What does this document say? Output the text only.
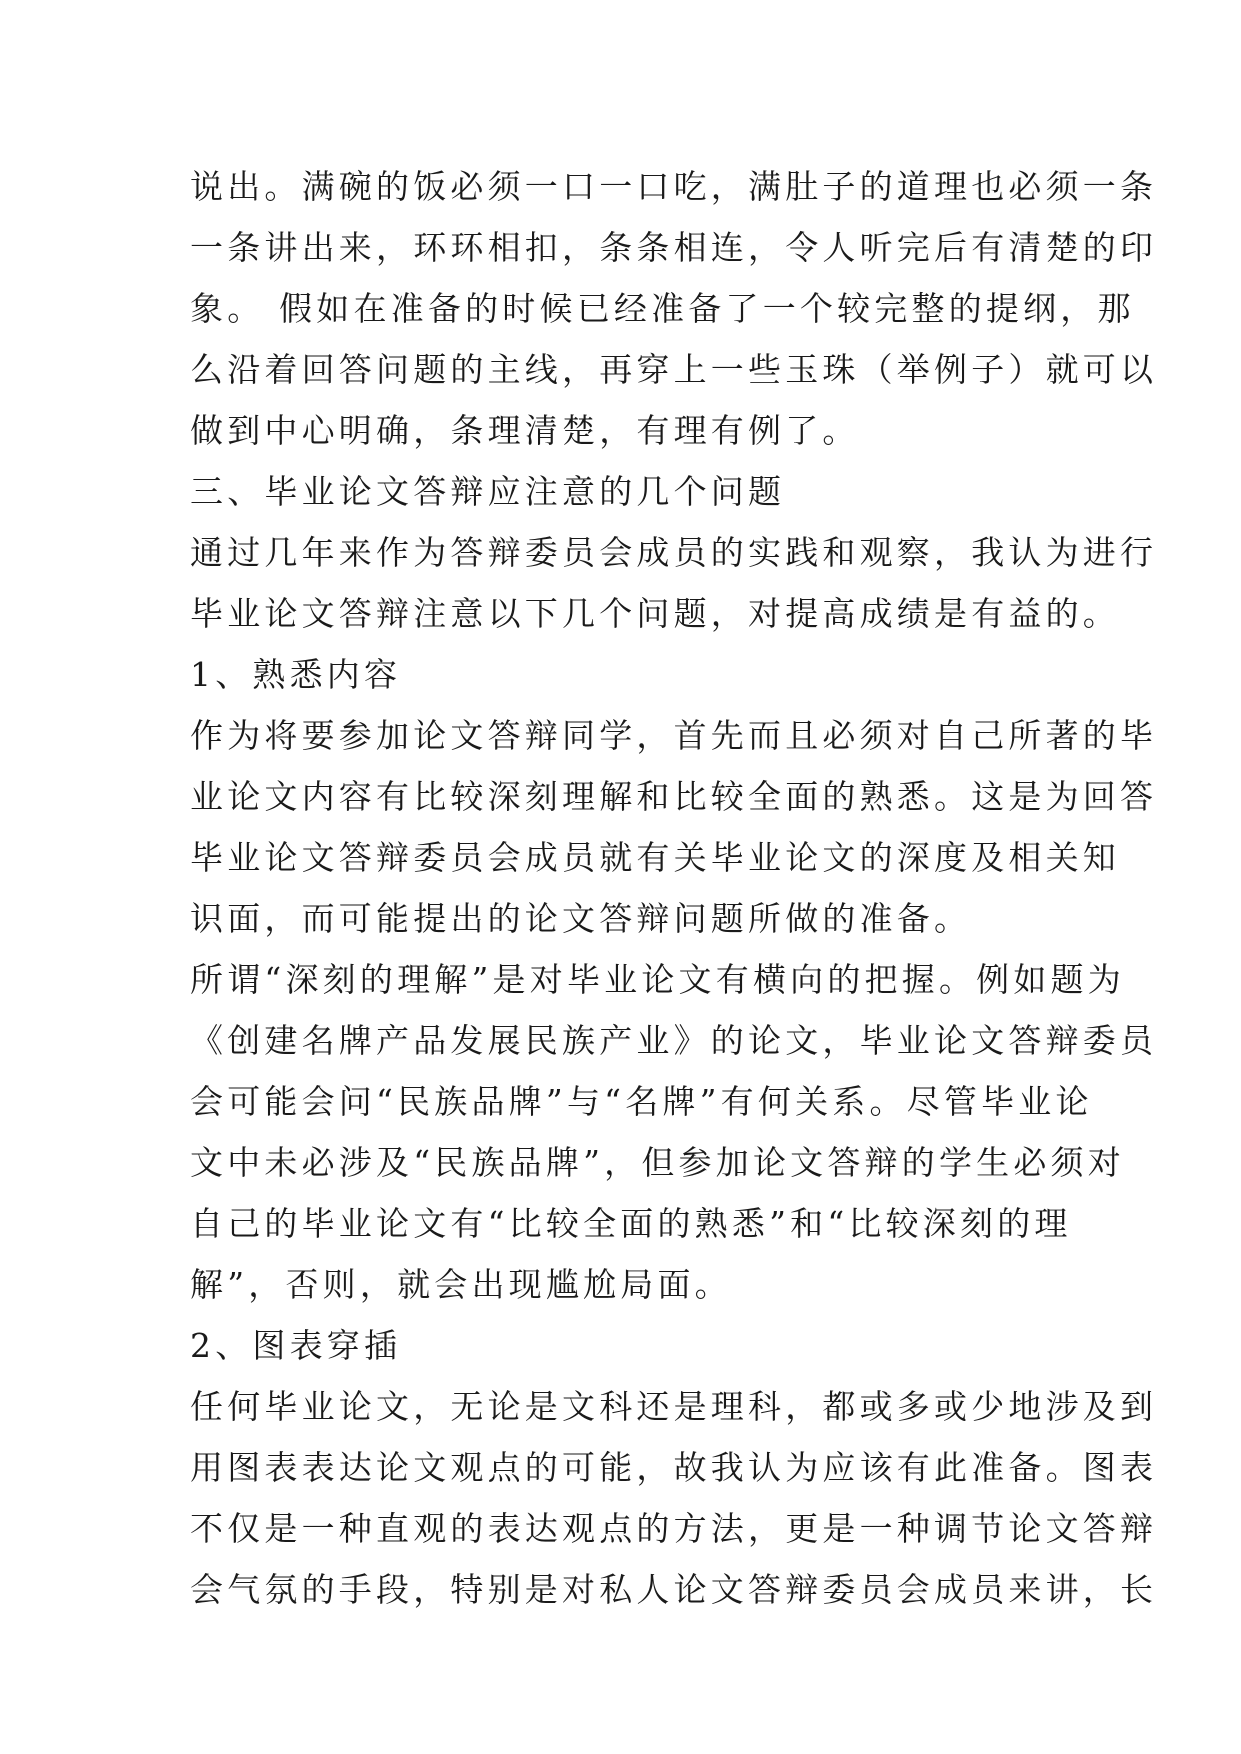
说出。满碗的饭必须一口一口吃，满肚子的道理也必须一条
一条讲出来，环环相扣，条条相连，令人听完后有清楚的印
象。 假如在准备的时候已经准备了一个较完整的提纲，那
么沿着回答问题的主线，再穿上一些玉珠（举例子）就可以
做到中心明确，条理清楚，有理有例了。
三、毕业论文答辩应注意的几个问题
通过几年来作为答辩委员会成员的实践和观察，我认为进行
毕业论文答辩注意以下几个问题，对提高成绩是有益的。
1、熟悉内容
作为将要参加论文答辩同学，首先而且必须对自己所著的毕
业论文内容有比较深刻理解和比较全面的熟悉。这是为回答
毕业论文答辩委员会成员就有关毕业论文的深度及相关知
识面，而可能提出的论文答辩问题所做的准备。
所谓“深刻的理解”是对毕业论文有横向的把握。例如题为
《创建名牌产品发展民族产业》的论文，毕业论文答辩委员
会可能会问“民族品牌”与“名牌”有何关系。尽管毕业论
文中未必涉及“民族品牌”，但参加论文答辩的学生必须对
自己的毕业论文有“比较全面的熟悉”和“比较深刻的理
解”，否则，就会出现尴尬局面。
2、图表穿插
任何毕业论文，无论是文科还是理科，都或多或少地涉及到
用图表表达论文观点的可能，故我认为应该有此准备。图表
不仅是一种直观的表达观点的方法，更是一种调节论文答辩
会气氛的手段，特别是对私人论文答辩委员会成员来讲，长
